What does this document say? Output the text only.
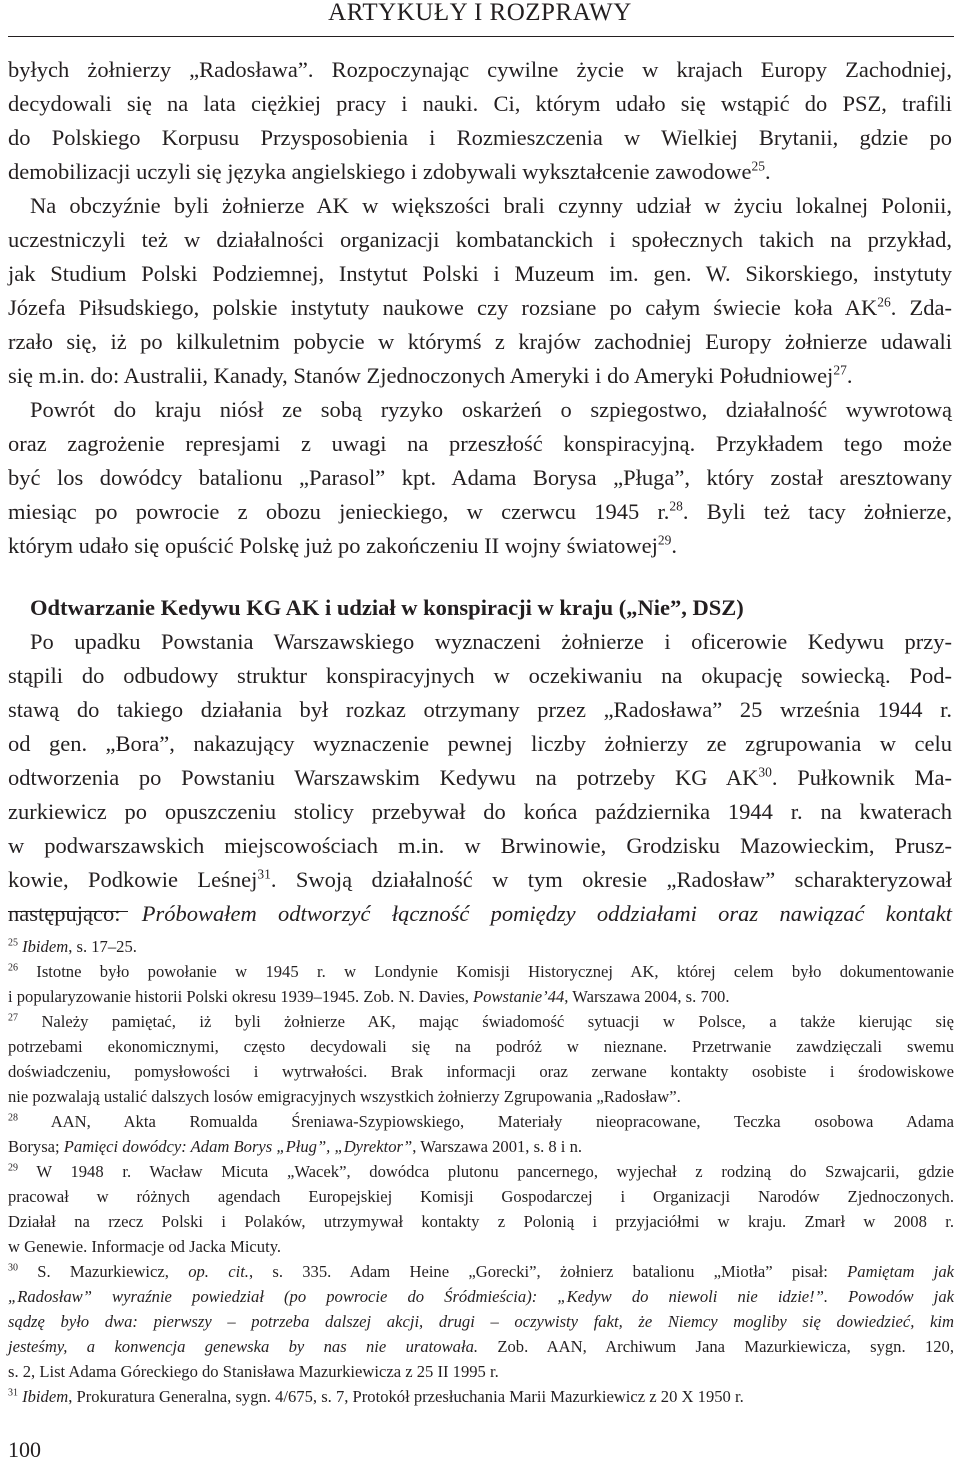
ARTYKUŁY I ROZPRAWY
byłych żołnierzy „Radosława”. Rozpoczynając cywilne życie w krajach Europy Zachodniej,
decydowali się na lata ciężkiej pracy i nauki. Ci, którym udało się wstąpić do PSZ, trafili
do Polskiego Korpusu Przysposobienia i Rozmieszczenia w Wielkiej Brytanii, gdzie po
demobilizacji uczyli się języka angielskiego i zdobywali wykształcenie zawodowe$^{25}$.
Na obczyźnie byli żołnierze AK w większości brali czynny udział w życiu lokalnej Polonii,
uczestniczyli też w działalności organizacji kombatanckich i społecznych takich na przykład,
jak Studium Polski Podziemnej, Instytut Polski i Muzeum im. gen. W. Sikorskiego, instytuty
Józefa Piłsudskiego, polskie instytuty naukowe czy rozsiane po całym świecie koła AK$^{26}$. Zda-
rzało się, iż po kilkuletnim pobycie w którymś z krajów zachodniej Europy żołnierze udawali
się m.in. do: Australii, Kanady, Stanów Zjednoczonych Ameryki i do Ameryki Południowej$^{27}$.
Powrót do kraju niósł ze sobą ryzyko oskarżeń o szpiegostwo, działalność wywrotową
oraz zagrożenie represjami z uwagi na przeszłość konspiracyjną. Przykładem tego może
być los dowódcy batalionu „Parasol” kpt. Adama Borysa „Pługa”, który został aresztowany
miesiąc po powrocie z obozu jenieckiego, w czerwcu 1945 r.$^{28}$. Byli też tacy żołnierze,
którym udało się opuścić Polskę już po zakończeniu II wojny światowej$^{29}$.
Odtwarzanie Kedywu KG AK i udział w konspiracji w kraju („Nie”, DSZ)
Po upadku Powstania Warszawskiego wyznaczeni żołnierze i oficerowie Kedywu przy-
stąpili do odbudowy struktur konspiracyjnych w oczekiwaniu na okupację sowiecką. Pod-
stawą do takiego działania był rozkaz otrzymany przez „Radosława” 25 września 1944 r.
od gen. „Bora”, nakazujący wyznaczenie pewnej liczby żołnierzy ze zgrupowania w celu
odtworzenia po Powstaniu Warszawskim Kedywu na potrzeby KG AK$^{30}$. Pułkownik Ma-
zurkiewicz po opuszczeniu stolicy przebywał do końca października 1944 r. na kwaterach
w podwarszawskich miejscowościach m.in. w Brwinowie, Grodzisku Mazowieckim, Prusz-
kowie, Podkowie Leśnej$^{31}$. Swoją działalność w tym okresie „Radosław” scharakteryzował
następująco: Próbowałem odtworzyć łączność pomiędzy oddziałami oraz nawiązać kontakt
$^{25}$ Ibidem, s. 17–25.
$^{26}$ Istotne było powołanie w 1945 r. w Londynie Komisji Historycznej AK, której celem było dokumentowanie
i popularyzowanie historii Polski okresu 1939–1945. Zob. N. Davies, Powstanie’44, Warszawa 2004, s. 700.
$^{27}$ Należy pamiętać, iż byli żołnierze AK, mając świadomość sytuacji w Polsce, a także kierując się
potrzebami ekonomicznymi, często decydowali się na podróż w nieznane. Przetrwanie zawdzięczali swemu
doświadczeniu, pomysłowości i wytrwałości. Brak informacji oraz zerwane kontakty osobiste i środowiskowe
nie pozwalają ustalić dalszych losów emigracyjnych wszystkich żołnierzy Zgrupowania „Radosław”.
$^{28}$ AAN, Akta Romualda Śreniawa-Szypiowskiego, Materiały nieopracowane, Teczka osobowa Adama
Borysa; Pamięci dowódcy: Adam Borys „Pług”, „Dyrektor”, Warszawa 2001, s. 8 i n.
$^{29}$ W 1948 r. Wacław Micuta „Wacek”, dowódca plutonu pancernego, wyjechał z rodziną do Szwajcarii, gdzie
pracował w różnych agendach Europejskiej Komisji Gospodarczej i Organizacji Narodów Zjednoczonych.
Działał na rzecz Polski i Polaków, utrzymywał kontakty z Polonią i przyjaciółmi w kraju. Zmarł w 2008 r.
w Genewie. Informacje od Jacka Micuty.
$^{30}$ S. Mazurkiewicz, op. cit., s. 335. Adam Heine „Gorecki”, żołnierz batalionu „Miotła” pisał: Pamiętam jak
„Radosław” wyraźnie powiedział (po powrocie do Śródmieścia): „Kedyw do niewoli nie idzie!”. Powodów jak
sądzę było dwa: pierwszy – potrzeba dalszej akcji, drugi – oczywisty fakt, że Niemcy mogliby się dowiedzieć, kim
jesteśmy, a konwencja genewska by nas nie uratowała. Zob. AAN, Archiwum Jana Mazurkiewicza, sygn. 120,
s. 2, List Adama Góreckiego do Stanisława Mazurkiewicza z 25 II 1995 r.
$^{31}$ Ibidem, Prokuratura Generalna, sygn. 4/675, s. 7, Protokół przesłuchania Marii Mazurkiewicz z 20 X 1950 r.
100
